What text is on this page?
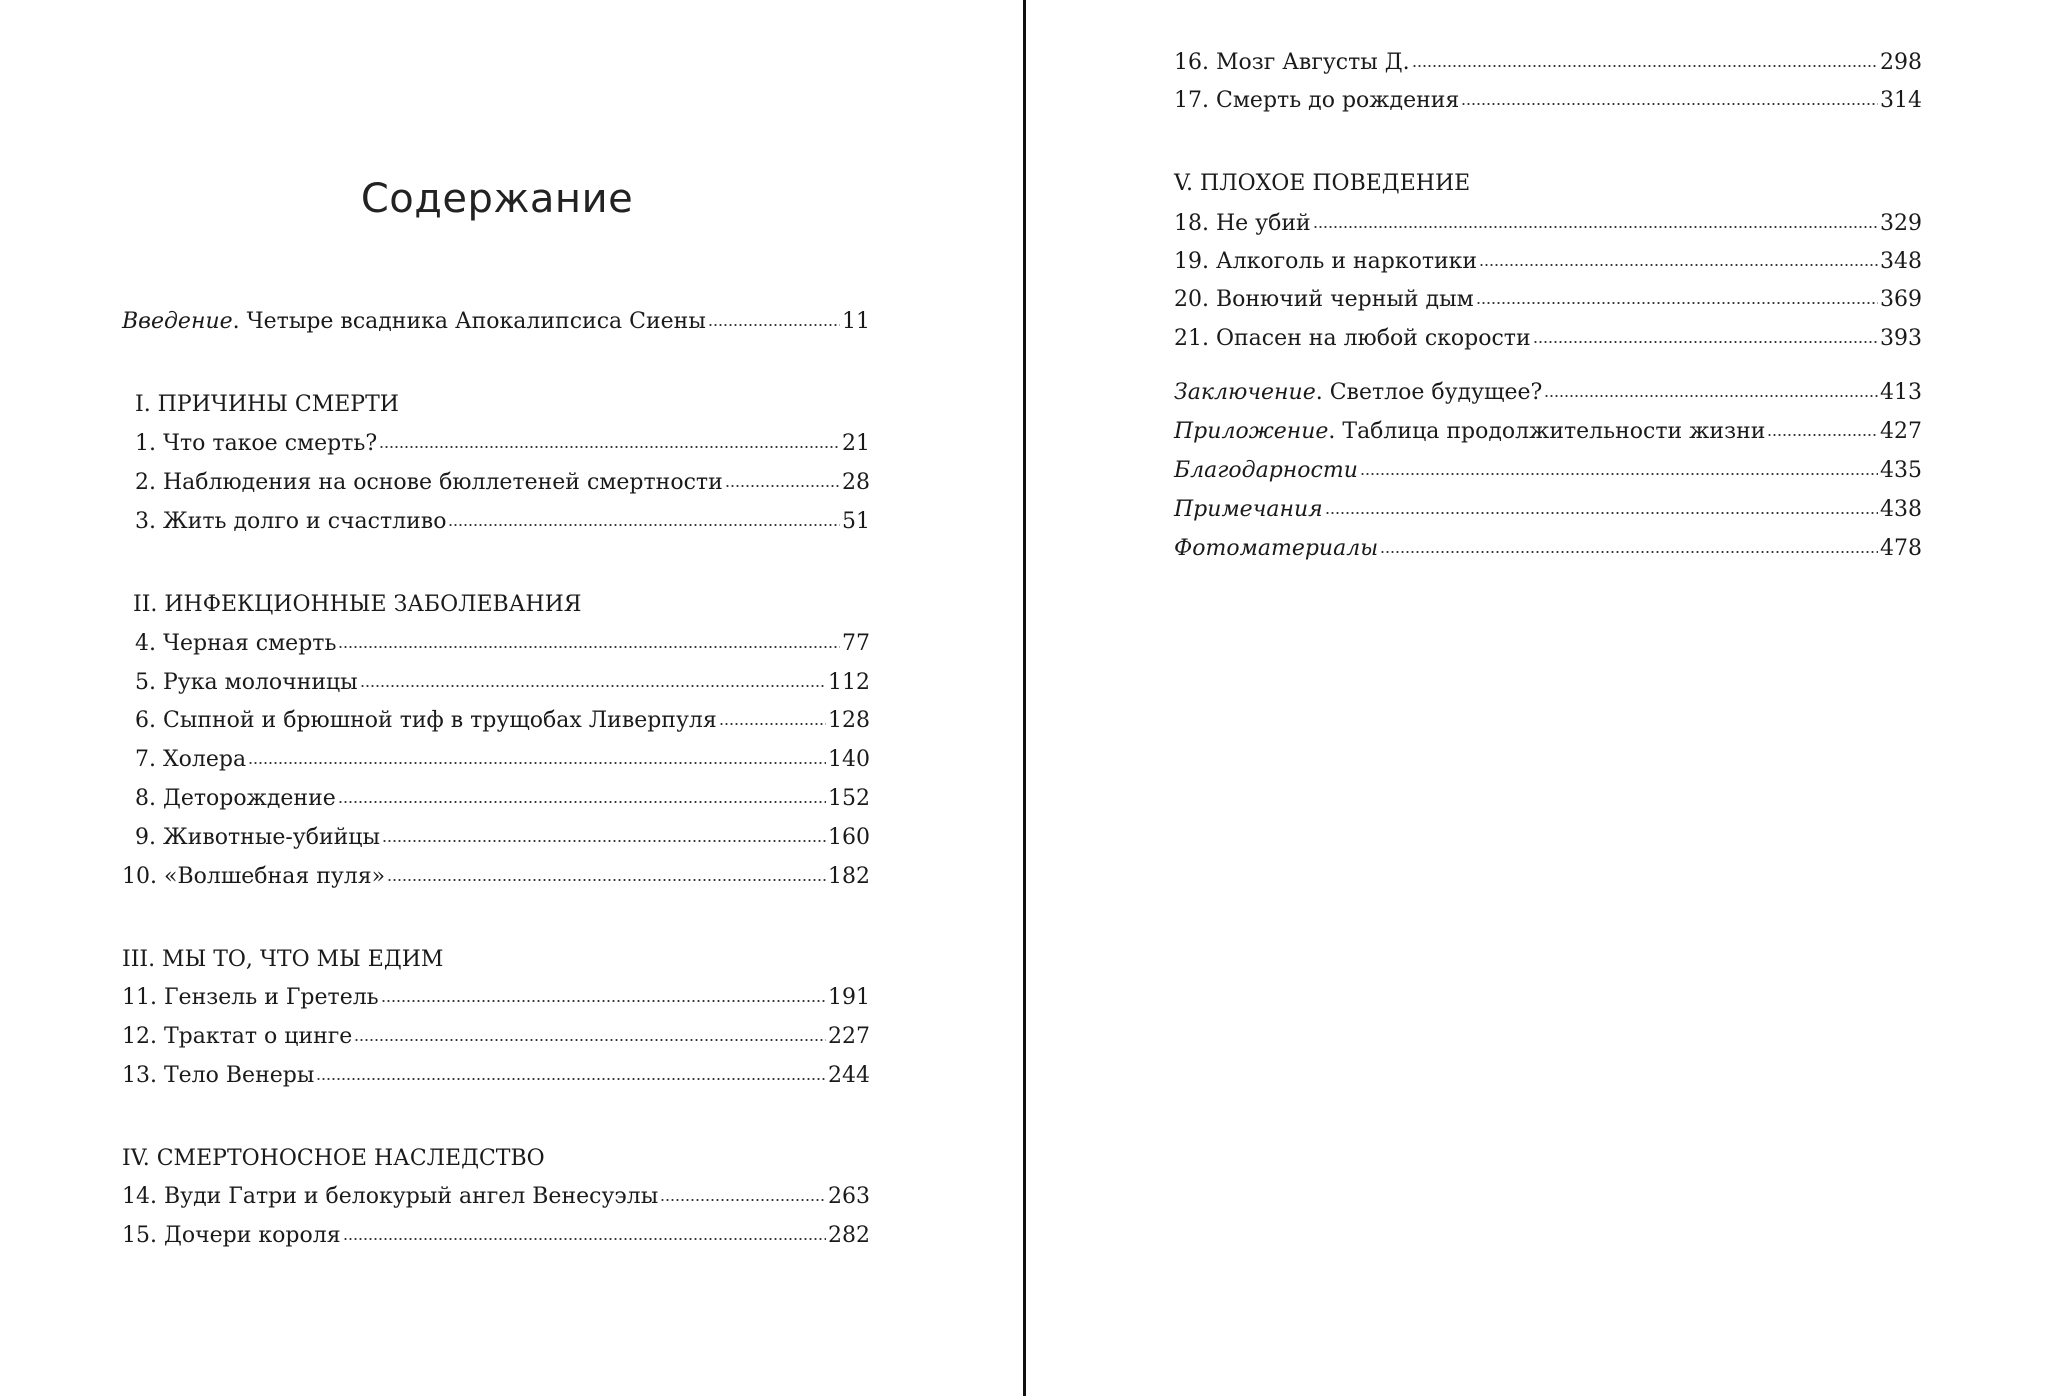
Содержание
Введение. Четыре всадника Апокалипсиса Сиены	11
I. ПРИЧИНЫ СМЕРТИ
1. Что такое смерть?	21
2. Наблюдения на основе бюллетеней смертности	28
3. Жить долго и счастливо	51
II. ИНФЕКЦИОННЫЕ ЗАБОЛЕВАНИЯ
4. Черная смерть	77
5. Рука молочницы	112
6. Сыпной и брюшной тиф в трущобах Ливерпуля	128
7. Холера	140
8. Деторождение	152
9. Животные-убийцы	160
10. «Волшебная пуля»	182
III. МЫ ТО, ЧТО МЫ ЕДИМ
11. Гензель и Гретель	191
12. Трактат о цинге	227
13. Тело Венеры	244
IV. СМЕРТОНОСНОЕ НАСЛЕДСТВО
14. Вуди Гатри и белокурый ангел Венесуэлы	263
15. Дочери короля	282
16. Мозг Августы Д.	298
17. Смерть до рождения	314
V. ПЛОХОЕ ПОВЕДЕНИЕ
18. Не убий	329
19. Алкоголь и наркотики	348
20. Вонючий черный дым	369
21. Опасен на любой скорости	393
Заключение. Светлое будущее?	413
Приложение. Таблица продолжительности жизни	427
Благодарности	435
Примечания	438
Фотоматериалы	478
